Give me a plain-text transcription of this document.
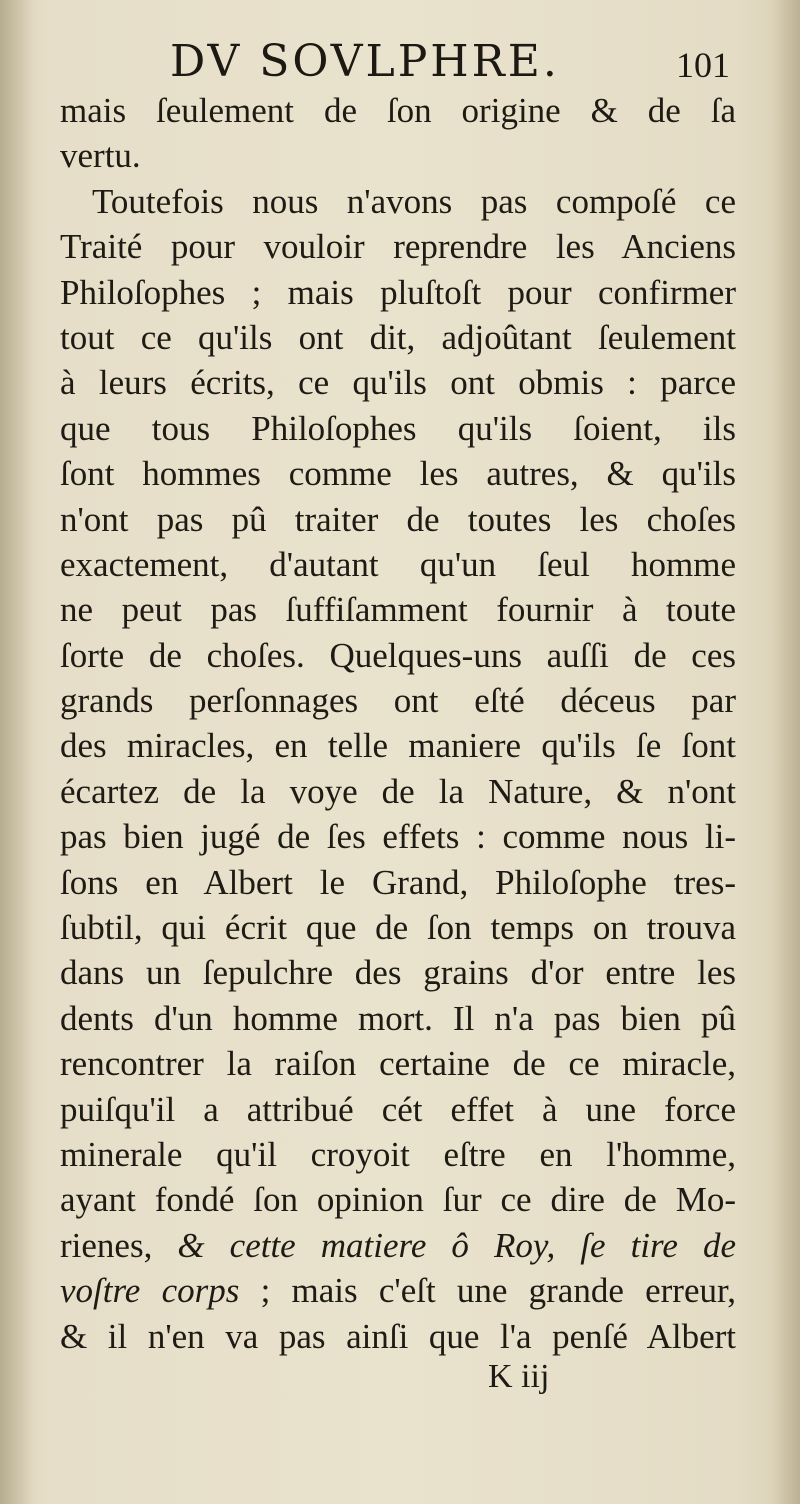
DV SOVLPHRE.	101
mais ſeulement de ſon origine & de ſa
vertu.
Toutefois nous n'avons pas compoſé ce
Traité pour vouloir reprendre les Anciens
Philoſophes ; mais pluſtoſt pour confirmer
tout ce qu'ils ont dit, adjoûtant ſeulement
à leurs écrits, ce qu'ils ont obmis : parce
que tous Philoſophes qu'ils ſoient, ils
ſont hommes comme les autres, & qu'ils
n'ont pas pû traiter de toutes les choſes
exactement, d'autant qu'un ſeul homme
ne peut pas ſuffiſamment fournir à toute
ſorte de choſes. Quelques-uns auſſi de ces
grands perſonnages ont eſté déceus par
des miracles, en telle maniere qu'ils ſe ſont
écartez de la voye de la Nature, & n'ont
pas bien jugé de ſes effets : comme nous li-
ſons en Albert le Grand, Philoſophe tres-
ſubtil, qui écrit que de ſon temps on trouva
dans un ſepulchre des grains d'or entre les
dents d'un homme mort. Il n'a pas bien pû
rencontrer la raiſon certaine de ce miracle,
puiſqu'il a attribué cét effet à une force
minerale qu'il croyoit eſtre en l'homme,
ayant fondé ſon opinion ſur ce dire de Mo-
rienes, & cette matiere ô Roy, ſe tire de
voſtre corps ; mais c'eſt une grande erreur,
& il n'en va pas ainſi que l'a penſé Albert
K iij
